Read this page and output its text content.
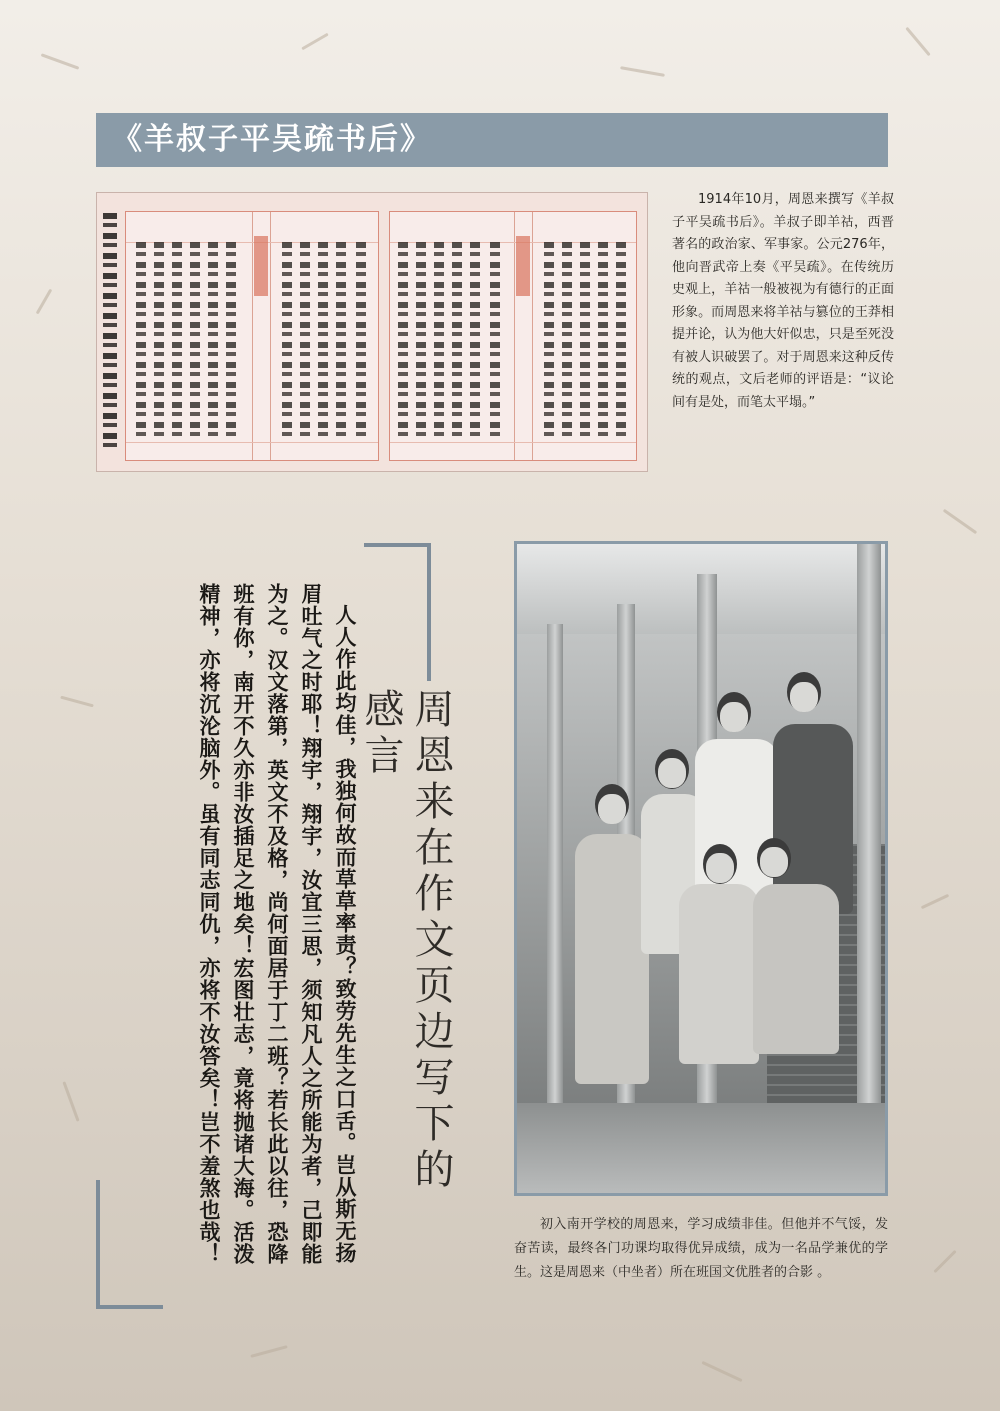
《羊叔子平吴疏书后》
1914年10月，周恩来撰写《羊叔子平吴疏书后》。羊叔子即羊祜，西晋著名的政治家、军事家。公元276年，他向晋武帝上奏《平吴疏》。在传统历史观上，羊祜一般被视为有德行的正面形象。而周恩来将羊祜与篡位的王莽相提并论，认为他大奸似忠，只是至死没有被人识破罢了。对于周恩来这种反传统的观点，文后老师的评语是：“议论间有是处，而笔太平塌。”
周恩来在作文页边写下的感言
人人作此均佳，我独何故而草草率责？致劳先生之口舌。岂从斯无扬眉吐气之时耶！翔宇，翔宇，汝宜三思，须知凡人之所能为者，己即能为之。汉文落第，英文不及格，尚何面居于丁二班？若长此以往，恐降班有你，南开不久亦非汝插足之地矣！宏图壮志，竟将抛诸大海。活泼精神，亦将沉沦脑外。虽有同志同仇，亦将不汝答矣！岂不羞煞也哉！	初入南开学校的周恩来，学习成绩非佳。但他并不气馁，发奋苦读，最终各门功课均取得优异成绩，成为一名品学兼优的学生。这是周恩来（中坐者）所在班国文优胜者的合影 。
